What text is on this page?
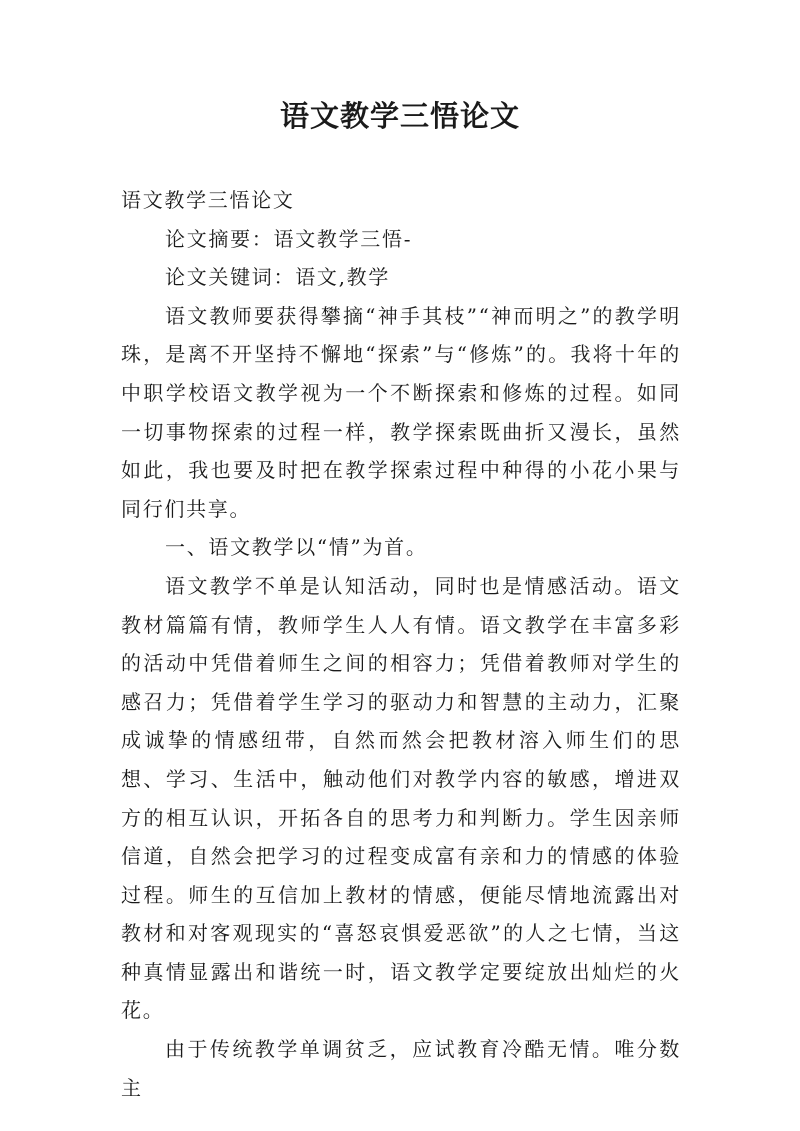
语文教学三悟论文

语文教学三悟论文

论文摘要：语文教学三悟-

论文关键词：语文,教学

语文教师要获得攀摘“神手其枝”“神而明之”的教学明珠，是离不开坚持不懈地“探索”与“修炼”的。我将十年的中职学校语文教学视为一个不断探索和修炼的过程。如同一切事物探索的过程一样，教学探索既曲折又漫长，虽然如此，我也要及时把在教学探索过程中种得的小花小果与同行们共享。

一、语文教学以“情”为首。

语文教学不单是认知活动，同时也是情感活动。语文教材篇篇有情，教师学生人人有情。语文教学在丰富多彩的活动中凭借着师生之间的相容力；凭借着教师对学生的感召力；凭借着学生学习的驱动力和智慧的主动力，汇聚成诚挚的情感纽带，自然而然会把教材溶入师生们的思想、学习、生活中，触动他们对教学内容的敏感，增进双方的相互认识，开拓各自的思考力和判断力。学生因亲师信道，自然会把学习的过程变成富有亲和力的情感的体验过程。师生的互信加上教材的情感，便能尽情地流露出对教材和对客观现实的“喜怒哀惧爱恶欲”的人之七情，当这种真情显露出和谐统一时，语文教学定要绽放出灿烂的火花。

由于传统教学单调贫乏，应试教育冷酷无情。唯分数主
